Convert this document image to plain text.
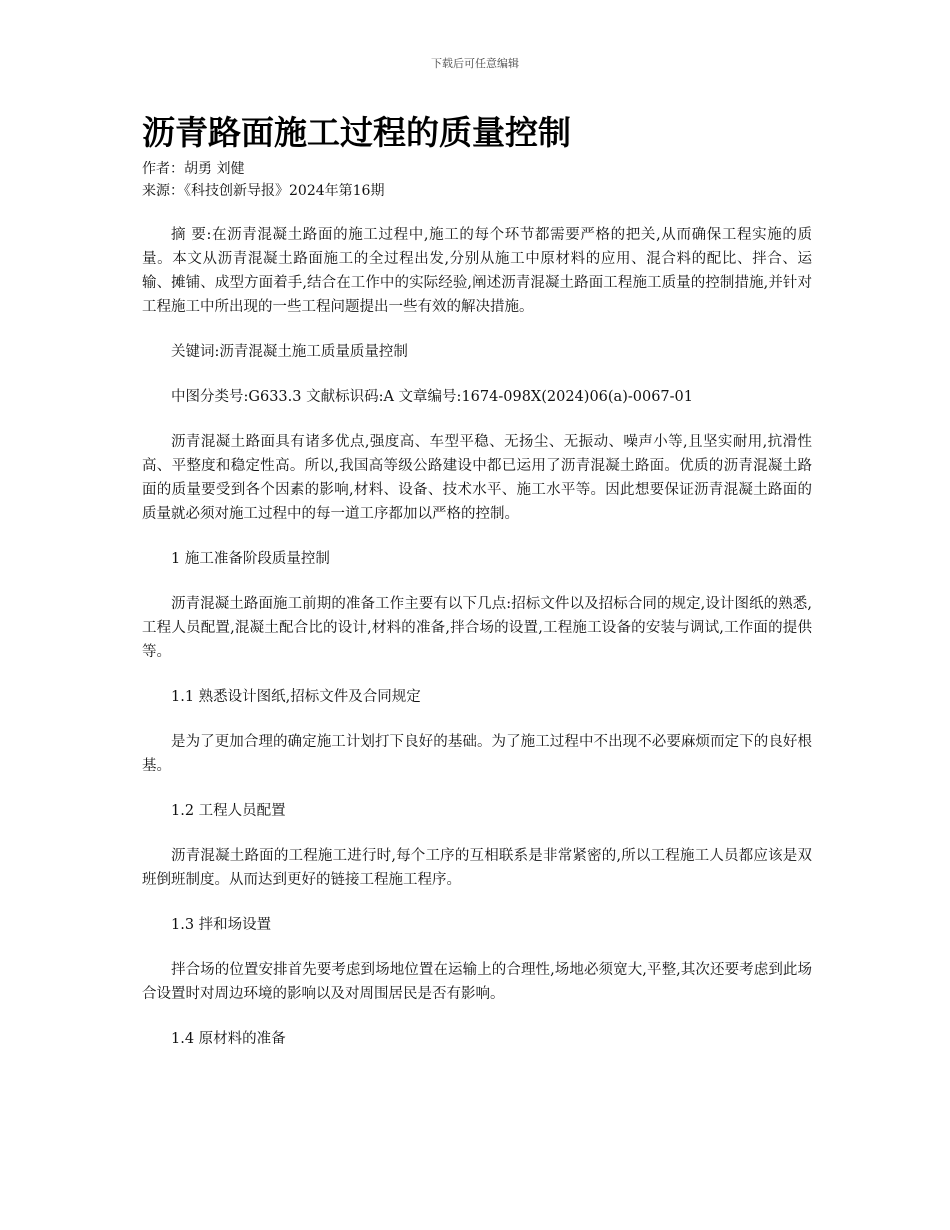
下载后可任意编辑
沥青路面施工过程的质量控制

作者：胡勇 刘健

来源：《科技创新导报》2024年第16期

摘 要:在沥青混凝土路面的施工过程中,施工的每个环节都需要严格的把关,从而确保工程实施的质量。本文从沥青混凝土路面施工的全过程出发,分别从施工中原材料的应用、混合料的配比、拌合、运输、摊铺、成型方面着手,结合在工作中的实际经验,阐述沥青混凝土路面工程施工质量的控制措施,并针对工程施工中所出现的一些工程问题提出一些有效的解决措施。

关键词:沥青混凝土施工质量质量控制

中图分类号:G633.3 文献标识码:A 文章编号:1674-098X(2024)06(a)-0067-01

沥青混凝土路面具有诸多优点,强度高、车型平稳、无扬尘、无振动、噪声小等,且坚实耐用,抗滑性高、平整度和稳定性高。所以,我国高等级公路建设中都已运用了沥青混凝土路面。优质的沥青混凝土路面的质量要受到各个因素的影响,材料、设备、技术水平、施工水平等。因此想要保证沥青混凝土路面的质量就必须对施工过程中的每一道工序都加以严格的控制。

1 施工准备阶段质量控制

沥青混凝土路面施工前期的准备工作主要有以下几点:招标文件以及招标合同的规定,设计图纸的熟悉,工程人员配置,混凝土配合比的设计,材料的准备,拌合场的设置,工程施工设备的安装与调试,工作面的提供等。

1.1 熟悉设计图纸,招标文件及合同规定

是为了更加合理的确定施工计划打下良好的基础。为了施工过程中不出现不必要麻烦而定下的良好根基。

1.2 工程人员配置

沥青混凝土路面的工程施工进行时,每个工序的互相联系是非常紧密的,所以工程施工人员都应该是双班倒班制度。从而达到更好的链接工程施工程序。

1.3 拌和场设置

拌合场的位置安排首先要考虑到场地位置在运输上的合理性,场地必须宽大,平整,其次还要考虑到此场合设置时对周边环境的影响以及对周围居民是否有影响。

1.4 原材料的准备
